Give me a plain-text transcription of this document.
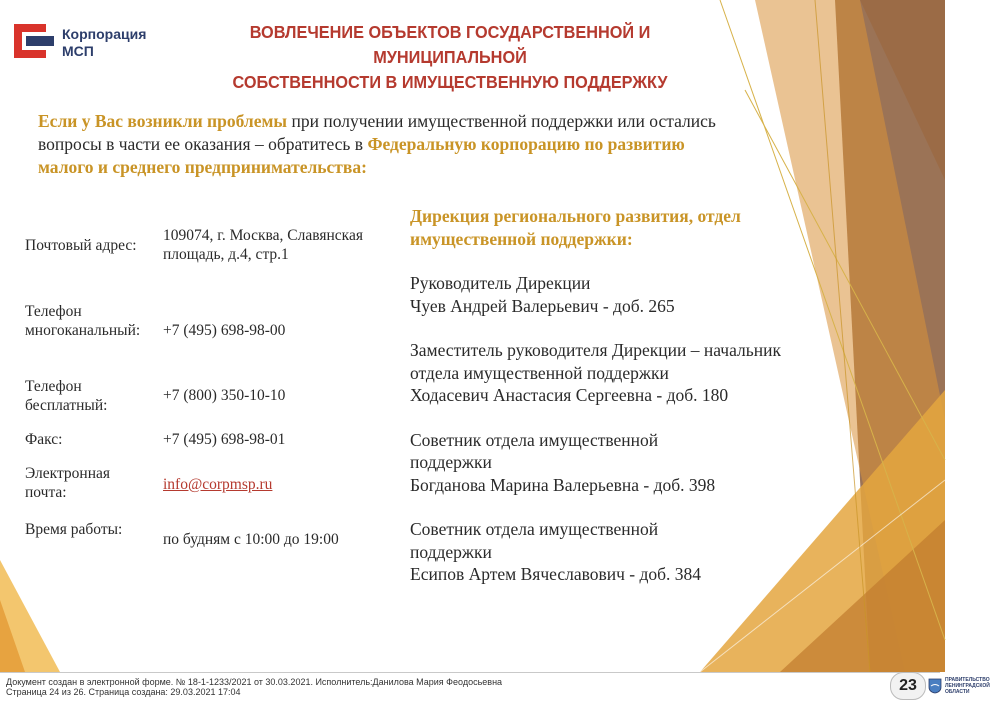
Корпорация
МСП
ВОВЛЕЧЕНИЕ ОБЪЕКТОВ ГОСУДАРСТВЕННОЙ И МУНИЦИПАЛЬНОЙ
СОБСТВЕННОСТИ В ИМУЩЕСТВЕННУЮ ПОДДЕРЖКУ
Если у Вас возникли проблемы при получении имущественной поддержки или остались вопросы в части ее оказания – обратитесь в Федеральную корпорацию по развитию малого и среднего предпринимательства:
Почтовый адрес:
109074, г. Москва, Славянская площадь, д.4, стр.1
Телефон многоканальный:	+7 (495) 698-98-00
Телефон бесплатный:
+7 (800) 350-10-10
Факс:	+7 (495) 698-98-01
Электронная почта:	info@corpmsp.ru
Время работы:
по будням с 10:00 до 19:00
Дирекция регионального развития, отдел имущественной поддержки:
Руководитель Дирекции
Чуев Андрей Валерьевич - доб. 265
Заместитель руководителя Дирекции – начальник отдела имущественной поддержки
Ходасевич Анастасия Сергеевна - доб. 180
Советник отдела имущественной поддержки
Богданова Марина Валерьевна - доб. 398
Советник отдела имущественной поддержки
Есипов Артем Вячеславович - доб. 384
Документ создан в электронной форме. № 18-1-1233/2021 от 30.03.2021. Исполнитель:Данилова Мария Феодосьевна
Страница 24 из 26. Страница создана: 29.03.2021 17:04	23	ПРАВИТЕЛЬСТВО
ЛЕНИНГРАДСКОЙ
ОБЛАСТИ
